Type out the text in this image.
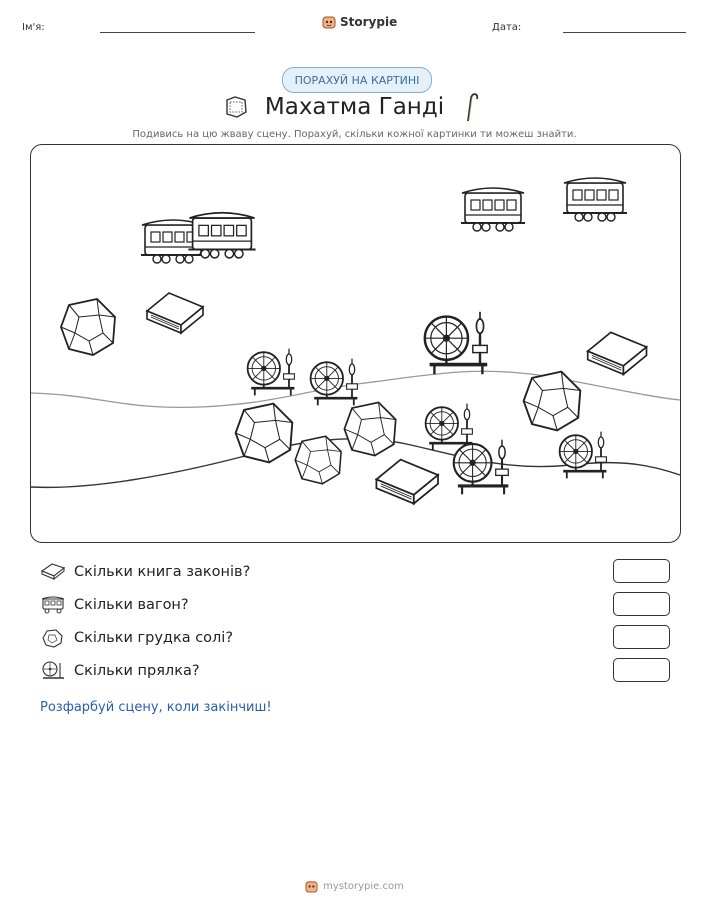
Ім'я:	Storypie	Дата:
ПОРАХУЙ НА КАРТИНІ
Махатма Ганді
Подивись на цю жваву сцену. Порахуй, скільки кожної картинки ти можеш знайти.
Скільки книга законів?
Скільки вагон?
Скільки грудка солі?
Скільки прялка?
Розфарбуй сцену, коли закінчиш!
mystorypie.com
